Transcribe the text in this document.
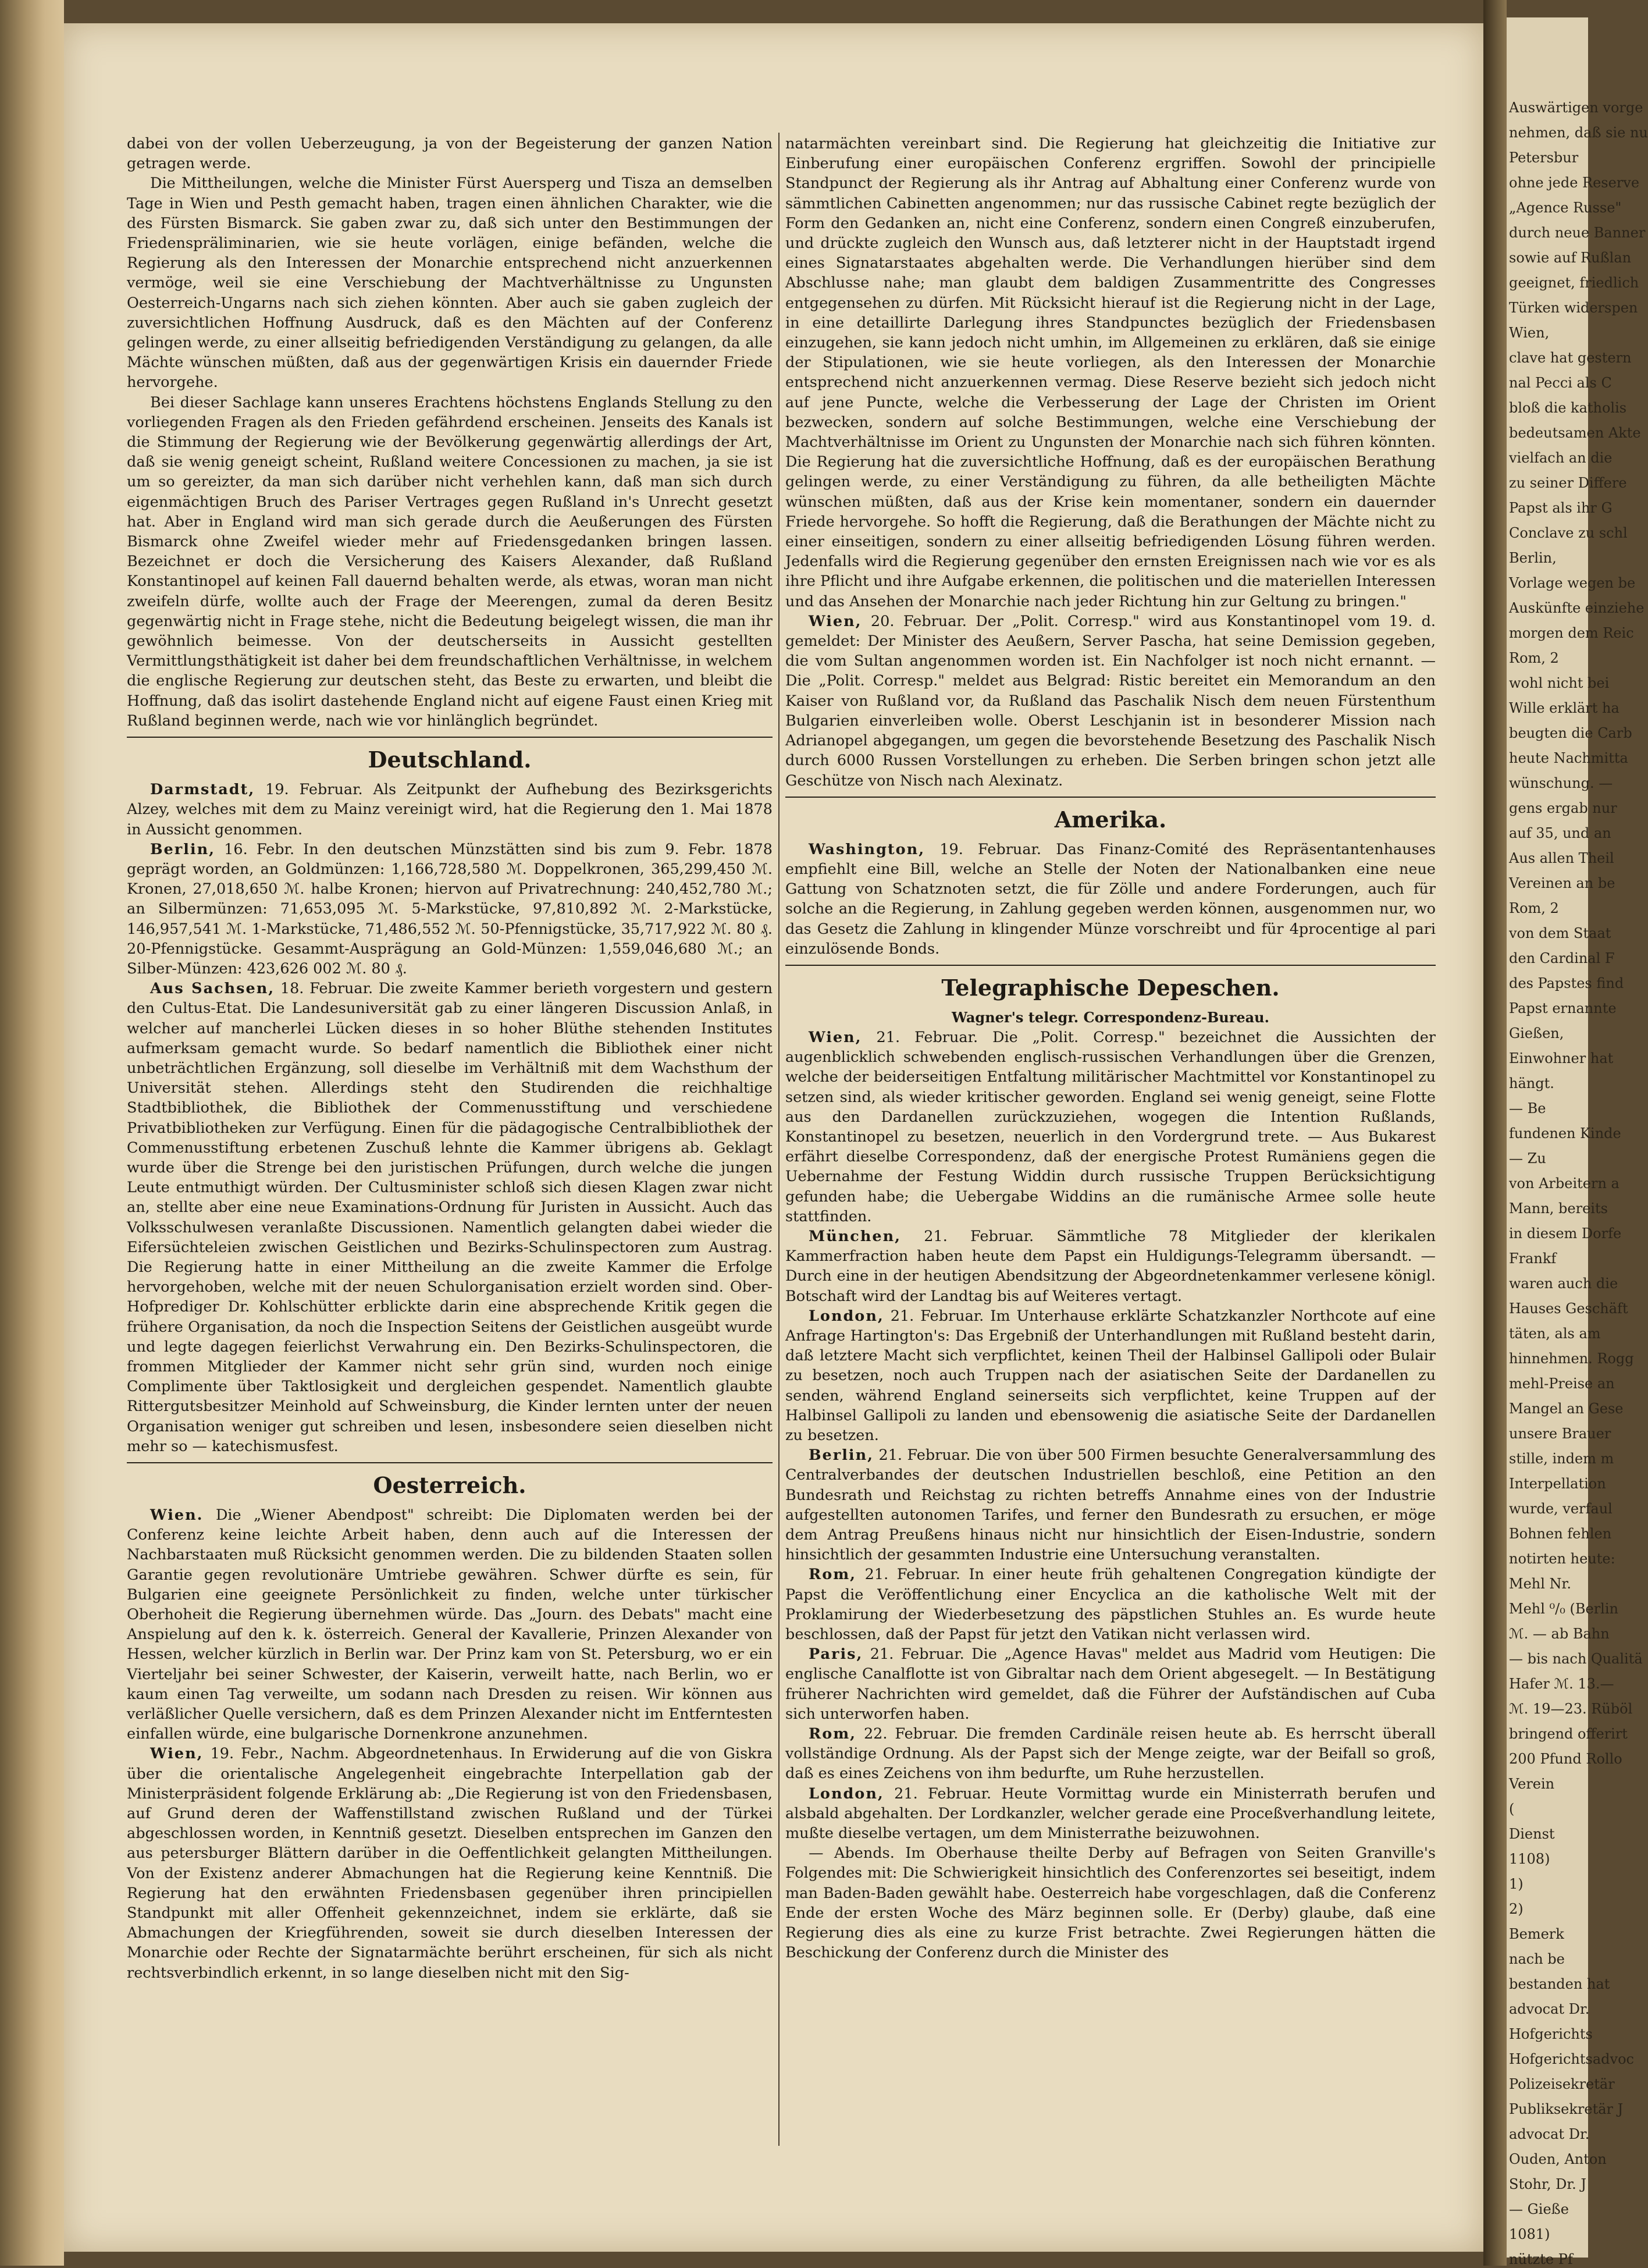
Auswärtigen vorge
nehmen, daß sie nu
Petersbur
ohne jede Reserve
„Agence Russe"
durch neue Banner
sowie auf Rußlan
geeignet, friedlich
Türken widerspen
Wien,
clave hat gestern
nal Pecci als C
bloß die katholis
bedeutsamen Akte
vielfach an die
zu seiner Differe
Papst als ihr G
Conclave zu schl
Berlin,
Vorlage wegen be
Auskünfte einziehe
morgen dem Reic
Rom, 2
wohl nicht bei
Wille erklärt ha
beugten die Carb
heute Nachmitta
wünschung. —
gens ergab nur
auf 35, und an
Aus allen Theil
Vereinen an be
Rom, 2
von dem Staat
den Cardinal F
des Papstes find
Papst ernannte
Gießen,
Einwohner hat
hängt.
— Be
fundenen Kinde
— Zu
von Arbeitern a
Mann, bereits
in diesem Dorfe
Frankf
waren auch die
Hauses Geschäft
täten, als am
hinnehmen. Rogg
mehl-Preise an
Mangel an Gese
unsere Brauer
stille, indem m
Interpellation
wurde, verfaul
Bohnen fehlen
notirten heute:
Mehl Nr.
Mehl ⁰/₀ (Berlin
ℳ. — ab Bahn
— bis nach Qualitä
Hafer ℳ. 13.—
ℳ. 19—23. Rüböl
bringend offerirt
200 Pfund Rollo
Verein
(
Dienst
1108)
1)
2)
Bemerk
nach be
bestanden hat
advocat Dr.
Hofgerichts
Hofgerichtsadvoc
Polizeisekretär
Publiksekretär J
advocat Dr.
Ouden, Anton
Stohr, Dr. J
— Gieße
1081)
nützte Pf

dabei von der vollen Ueberzeugung, ja von der Begeisterung der ganzen Nation getragen werde.

Die Mittheilungen, welche die Minister Fürst Auersperg und Tisza an demselben Tage in Wien und Pesth gemacht haben, tragen einen ähnlichen Charakter, wie die des Fürsten Bismarck. Sie gaben zwar zu, daß sich unter den Bestimmungen der Friedenspräliminarien, wie sie heute vorlägen, einige befänden, welche die Regierung als den Interessen der Monarchie entsprechend nicht anzuerkennen vermöge, weil sie eine Verschiebung der Machtverhältnisse zu Ungunsten Oesterreich-Ungarns nach sich ziehen könnten. Aber auch sie gaben zugleich der zuversichtlichen Hoffnung Ausdruck, daß es den Mächten auf der Conferenz gelingen werde, zu einer allseitig befriedigenden Verständigung zu gelangen, da alle Mächte wünschen müßten, daß aus der gegenwärtigen Krisis ein dauernder Friede hervorgehe.

Bei dieser Sachlage kann unseres Erachtens höchstens Englands Stellung zu den vorliegenden Fragen als den Frieden gefährdend erscheinen. Jenseits des Kanals ist die Stimmung der Regierung wie der Bevölkerung gegenwärtig allerdings der Art, daß sie wenig geneigt scheint, Rußland weitere Concessionen zu machen, ja sie ist um so gereizter, da man sich darüber nicht verhehlen kann, daß man sich durch eigenmächtigen Bruch des Pariser Vertrages gegen Rußland in's Unrecht gesetzt hat. Aber in England wird man sich gerade durch die Aeußerungen des Fürsten Bismarck ohne Zweifel wieder mehr auf Friedensgedanken bringen lassen. Bezeichnet er doch die Versicherung des Kaisers Alexander, daß Rußland Konstantinopel auf keinen Fall dauernd behalten werde, als etwas, woran man nicht zweifeln dürfe, wollte auch der Frage der Meerengen, zumal da deren Besitz gegenwärtig nicht in Frage stehe, nicht die Bedeutung beigelegt wissen, die man ihr gewöhnlich beimesse. Von der deutscherseits in Aussicht gestellten Vermittlungsthätigkeit ist daher bei dem freundschaftlichen Verhältnisse, in welchem die englische Regierung zur deutschen steht, das Beste zu erwarten, und bleibt die Hoffnung, daß das isolirt dastehende England nicht auf eigene Faust einen Krieg mit Rußland beginnen werde, nach wie vor hinlänglich begründet.

Deutschland.

Darmstadt, 19. Februar. Als Zeitpunkt der Aufhebung des Bezirksgerichts Alzey, welches mit dem zu Mainz vereinigt wird, hat die Regierung den 1. Mai 1878 in Aussicht genommen.

Berlin, 16. Febr. In den deutschen Münzstätten sind bis zum 9. Febr. 1878 geprägt worden, an Goldmünzen: 1,166,728,580 ℳ. Doppelkronen, 365,299,450 ℳ. Kronen, 27,018,650 ℳ. halbe Kronen; hiervon auf Privatrechnung: 240,452,780 ℳ.; an Silbermünzen: 71,653,095 ℳ. 5-Markstücke, 97,810,892 ℳ. 2-Markstücke, 146,957,541 ℳ. 1-Markstücke, 71,486,552 ℳ. 50-Pfennigstücke, 35,717,922 ℳ. 80 ₰. 20-Pfennigstücke. Gesammt-Ausprägung an Gold-Münzen: 1,559,046,680 ℳ.; an Silber-Münzen: 423,626 002 ℳ. 80 ₰.

Aus Sachsen, 18. Februar. Die zweite Kammer berieth vorgestern und gestern den Cultus-Etat. Die Landesuniversität gab zu einer längeren Discussion Anlaß, in welcher auf mancherlei Lücken dieses in so hoher Blüthe stehenden Institutes aufmerksam gemacht wurde. So bedarf namentlich die Bibliothek einer nicht unbeträchtlichen Ergänzung, soll dieselbe im Verhältniß mit dem Wachsthum der Universität stehen. Allerdings steht den Studirenden die reichhaltige Stadtbibliothek, die Bibliothek der Commenusstiftung und verschiedene Privatbibliotheken zur Verfügung. Einen für die pädagogische Centralbibliothek der Commenusstiftung erbetenen Zuschuß lehnte die Kammer übrigens ab. Geklagt wurde über die Strenge bei den juristischen Prüfungen, durch welche die jungen Leute entmuthigt würden. Der Cultusminister schloß sich diesen Klagen zwar nicht an, stellte aber eine neue Examinations-Ordnung für Juristen in Aussicht. Auch das Volksschulwesen veranlaßte Discussionen. Namentlich gelangten dabei wieder die Eifersüchteleien zwischen Geistlichen und Bezirks-Schulinspectoren zum Austrag. Die Regierung hatte in einer Mittheilung an die zweite Kammer die Erfolge hervorgehoben, welche mit der neuen Schulorganisation erzielt worden sind. Ober-Hofprediger Dr. Kohlschütter erblickte darin eine absprechende Kritik gegen die frühere Organisation, da noch die Inspection Seitens der Geistlichen ausgeübt wurde und legte dagegen feierlichst Verwahrung ein. Den Bezirks-Schulinspectoren, die frommen Mitglieder der Kammer nicht sehr grün sind, wurden noch einige Complimente über Taktlosigkeit und dergleichen gespendet. Namentlich glaubte Rittergutsbesitzer Meinhold auf Schweinsburg, die Kinder lernten unter der neuen Organisation weniger gut schreiben und lesen, insbesondere seien dieselben nicht mehr so — katechismusfest.

Oesterreich.

Wien. Die „Wiener Abendpost" schreibt: Die Diplomaten werden bei der Conferenz keine leichte Arbeit haben, denn auch auf die Interessen der Nachbarstaaten muß Rücksicht genommen werden. Die zu bildenden Staaten sollen Garantie gegen revolutionäre Umtriebe gewähren. Schwer dürfte es sein, für Bulgarien eine geeignete Persönlichkeit zu finden, welche unter türkischer Oberhoheit die Regierung übernehmen würde. Das „Journ. des Debats" macht eine Anspielung auf den k. k. österreich. General der Kavallerie, Prinzen Alexander von Hessen, welcher kürzlich in Berlin war. Der Prinz kam von St. Petersburg, wo er ein Vierteljahr bei seiner Schwester, der Kaiserin, verweilt hatte, nach Berlin, wo er kaum einen Tag verweilte, um sodann nach Dresden zu reisen. Wir können aus verläßlicher Quelle versichern, daß es dem Prinzen Alexander nicht im Entferntesten einfallen würde, eine bulgarische Dornenkrone anzunehmen.

Wien, 19. Febr., Nachm. Abgeordnetenhaus. In Erwiderung auf die von Giskra über die orientalische Angelegenheit eingebrachte Interpellation gab der Ministerpräsident folgende Erklärung ab: „Die Regierung ist von den Friedensbasen, auf Grund deren der Waffenstillstand zwischen Rußland und der Türkei abgeschlossen worden, in Kenntniß gesetzt. Dieselben entsprechen im Ganzen den aus petersburger Blättern darüber in die Oeffentlichkeit gelangten Mittheilungen. Von der Existenz anderer Abmachungen hat die Regierung keine Kenntniß. Die Regierung hat den erwähnten Friedensbasen gegenüber ihren principiellen Standpunkt mit aller Offenheit gekennzeichnet, indem sie erklärte, daß sie Abmachungen der Kriegführenden, soweit sie durch dieselben Interessen der Monarchie oder Rechte der Signatarmächte berührt erscheinen, für sich als nicht rechtsverbindlich erkennt, in so lange dieselben nicht mit den Sig-

natarmächten vereinbart sind. Die Regierung hat gleichzeitig die Initiative zur Einberufung einer europäischen Conferenz ergriffen. Sowohl der principielle Standpunct der Regierung als ihr Antrag auf Abhaltung einer Conferenz wurde von sämmtlichen Cabinetten angenommen; nur das russische Cabinet regte bezüglich der Form den Gedanken an, nicht eine Conferenz, sondern einen Congreß einzuberufen, und drückte zugleich den Wunsch aus, daß letzterer nicht in der Hauptstadt irgend eines Signatarstaates abgehalten werde. Die Verhandlungen hierüber sind dem Abschlusse nahe; man glaubt dem baldigen Zusammentritte des Congresses entgegensehen zu dürfen. Mit Rücksicht hierauf ist die Regierung nicht in der Lage, in eine detaillirte Darlegung ihres Standpunctes bezüglich der Friedensbasen einzugehen, sie kann jedoch nicht umhin, im Allgemeinen zu erklären, daß sie einige der Stipulationen, wie sie heute vorliegen, als den Interessen der Monarchie entsprechend nicht anzuerkennen vermag. Diese Reserve bezieht sich jedoch nicht auf jene Puncte, welche die Verbesserung der Lage der Christen im Orient bezwecken, sondern auf solche Bestimmungen, welche eine Verschiebung der Machtverhältnisse im Orient zu Ungunsten der Monarchie nach sich führen könnten. Die Regierung hat die zuversichtliche Hoffnung, daß es der europäischen Berathung gelingen werde, zu einer Verständigung zu führen, da alle betheiligten Mächte wünschen müßten, daß aus der Krise kein momentaner, sondern ein dauernder Friede hervorgehe. So hofft die Regierung, daß die Berathungen der Mächte nicht zu einer einseitigen, sondern zu einer allseitig befriedigenden Lösung führen werden. Jedenfalls wird die Regierung gegenüber den ernsten Ereignissen nach wie vor es als ihre Pflicht und ihre Aufgabe erkennen, die politischen und die materiellen Interessen und das Ansehen der Monarchie nach jeder Richtung hin zur Geltung zu bringen."

Wien, 20. Februar. Der „Polit. Corresp." wird aus Konstantinopel vom 19. d. gemeldet: Der Minister des Aeußern, Server Pascha, hat seine Demission gegeben, die vom Sultan angenommen worden ist. Ein Nachfolger ist noch nicht ernannt. — Die „Polit. Corresp." meldet aus Belgrad: Ristic bereitet ein Memorandum an den Kaiser von Rußland vor, da Rußland das Paschalik Nisch dem neuen Fürstenthum Bulgarien einverleiben wolle. Oberst Leschjanin ist in besonderer Mission nach Adrianopel abgegangen, um gegen die bevorstehende Besetzung des Paschalik Nisch durch 6000 Russen Vorstellungen zu erheben. Die Serben bringen schon jetzt alle Geschütze von Nisch nach Alexinatz.

Amerika.

Washington, 19. Februar. Das Finanz-Comité des Repräsentantenhauses empfiehlt eine Bill, welche an Stelle der Noten der Nationalbanken eine neue Gattung von Schatznoten setzt, die für Zölle und andere Forderungen, auch für solche an die Regierung, in Zahlung gegeben werden können, ausgenommen nur, wo das Gesetz die Zahlung in klingender Münze vorschreibt und für 4procentige al pari einzulösende Bonds.

Telegraphische Depeschen.
Wagner's telegr. Correspondenz-Bureau.

Wien, 21. Februar. Die „Polit. Corresp." bezeichnet die Aussichten der augenblicklich schwebenden englisch-russischen Verhandlungen über die Grenzen, welche der beiderseitigen Entfaltung militärischer Machtmittel vor Konstantinopel zu setzen sind, als wieder kritischer geworden. England sei wenig geneigt, seine Flotte aus den Dardanellen zurückzuziehen, wogegen die Intention Rußlands, Konstantinopel zu besetzen, neuerlich in den Vordergrund trete. — Aus Bukarest erfährt dieselbe Correspondenz, daß der energische Protest Rumäniens gegen die Uebernahme der Festung Widdin durch russische Truppen Berücksichtigung gefunden habe; die Uebergabe Widdins an die rumänische Armee solle heute stattfinden.

München, 21. Februar. Sämmtliche 78 Mitglieder der klerikalen Kammerfraction haben heute dem Papst ein Huldigungs-Telegramm übersandt. — Durch eine in der heutigen Abendsitzung der Abgeordnetenkammer verlesene königl. Botschaft wird der Landtag bis auf Weiteres vertagt.

London, 21. Februar. Im Unterhause erklärte Schatzkanzler Northcote auf eine Anfrage Hartington's: Das Ergebniß der Unterhandlungen mit Rußland besteht darin, daß letztere Macht sich verpflichtet, keinen Theil der Halbinsel Gallipoli oder Bulair zu besetzen, noch auch Truppen nach der asiatischen Seite der Dardanellen zu senden, während England seinerseits sich verpflichtet, keine Truppen auf der Halbinsel Gallipoli zu landen und ebensowenig die asiatische Seite der Dardanellen zu besetzen.

Berlin, 21. Februar. Die von über 500 Firmen besuchte Generalversammlung des Centralverbandes der deutschen Industriellen beschloß, eine Petition an den Bundesrath und Reichstag zu richten betreffs Annahme eines von der Industrie aufgestellten autonomen Tarifes, und ferner den Bundesrath zu ersuchen, er möge dem Antrag Preußens hinaus nicht nur hinsichtlich der Eisen-Industrie, sondern hinsichtlich der gesammten Industrie eine Untersuchung veranstalten.

Rom, 21. Februar. In einer heute früh gehaltenen Congregation kündigte der Papst die Veröffentlichung einer Encyclica an die katholische Welt mit der Proklamirung der Wiederbesetzung des päpstlichen Stuhles an. Es wurde heute beschlossen, daß der Papst für jetzt den Vatikan nicht verlassen wird.

Paris, 21. Februar. Die „Agence Havas" meldet aus Madrid vom Heutigen: Die englische Canalflotte ist von Gibraltar nach dem Orient abgesegelt. — In Bestätigung früherer Nachrichten wird gemeldet, daß die Führer der Aufständischen auf Cuba sich unterworfen haben.

Rom, 22. Februar. Die fremden Cardinäle reisen heute ab. Es herrscht überall vollständige Ordnung. Als der Papst sich der Menge zeigte, war der Beifall so groß, daß es eines Zeichens von ihm bedurfte, um Ruhe herzustellen.

London, 21. Februar. Heute Vormittag wurde ein Ministerrath berufen und alsbald abgehalten. Der Lordkanzler, welcher gerade eine Proceßverhandlung leitete, mußte dieselbe vertagen, um dem Ministerrathe beizuwohnen.

— Abends. Im Oberhause theilte Derby auf Befragen von Seiten Granville's Folgendes mit: Die Schwierigkeit hinsichtlich des Conferenzortes sei beseitigt, indem man Baden-Baden gewählt habe. Oesterreich habe vorgeschlagen, daß die Conferenz Ende der ersten Woche des März beginnen solle. Er (Derby) glaube, daß eine Regierung dies als eine zu kurze Frist betrachte. Zwei Regierungen hätten die Beschickung der Conferenz durch die Minister des
